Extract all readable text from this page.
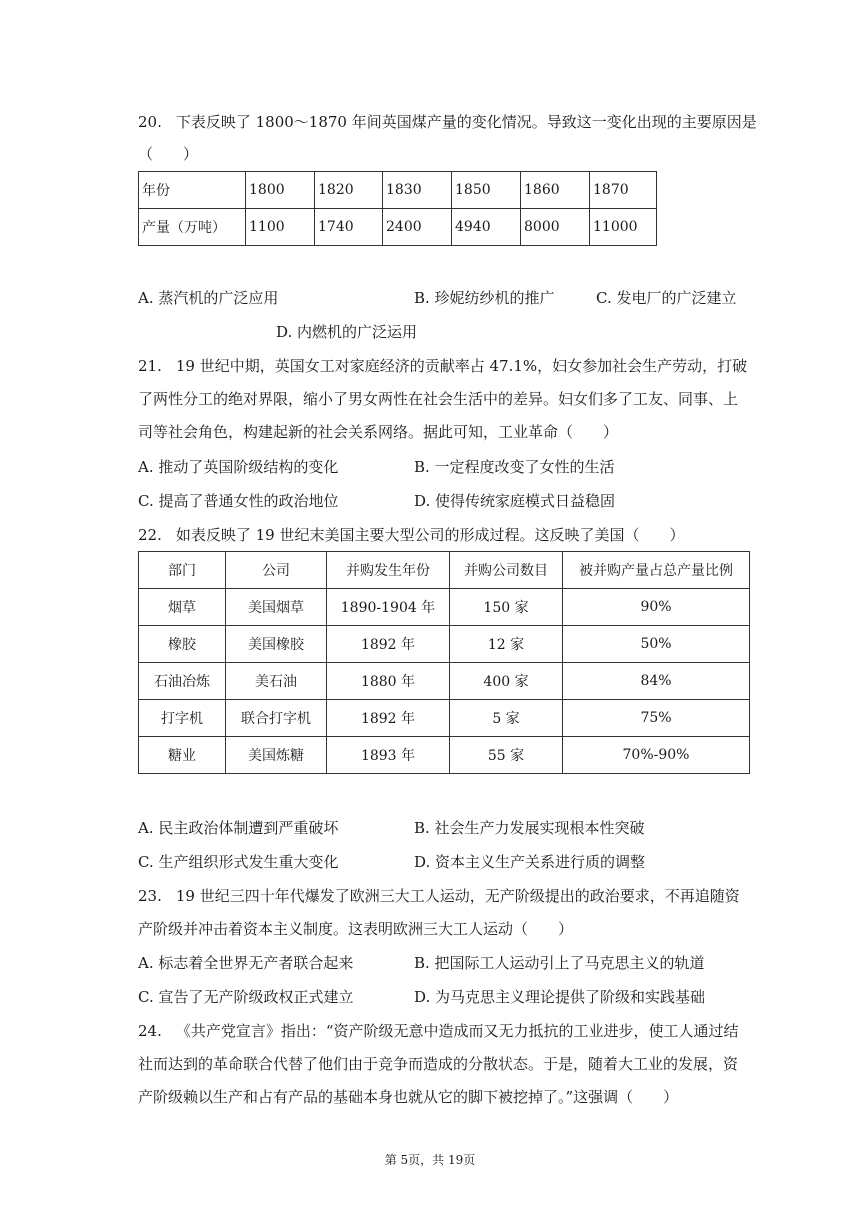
20. 下表反映了 1800～1870 年间英国煤产量的变化情况。导致这一变化出现的主要原因是
（　　）
年份	1800	1820	1830	1850	1860	1870
产量（万吨）	1100	1740	2400	4940	8000	11000
A. 蒸汽机的广泛应用	B. 珍妮纺纱机的推广	C. 发电厂的广泛建立
D. 内燃机的广泛运用
21. 19 世纪中期，英国女工对家庭经济的贡献率占 47.1%，妇女参加社会生产劳动，打破
了两性分工的绝对界限，缩小了男女两性在社会生活中的差异。妇女们多了工友、同事、上
司等社会角色，构建起新的社会关系网络。据此可知，工业革命（　　）
A. 推动了英国阶级结构的变化	B. 一定程度改变了女性的生活
C. 提高了普通女性的政治地位	D. 使得传统家庭模式日益稳固
22. 如表反映了 19 世纪末美国主要大型公司的形成过程。这反映了美国（　　）
部门	公司	并购发生年份	并购公司数目	被并购产量占总产量比例
烟草	美国烟草	1890-1904 年	150 家	90%
橡胶	美国橡胶	1892 年	12 家	50%
石油冶炼	美石油	1880 年	400 家	84%
打字机	联合打字机	1892 年	5 家	75%
糖业	美国炼糖	1893 年	55 家	70%-90%
A. 民主政治体制遭到严重破坏	B. 社会生产力发展实现根本性突破
C. 生产组织形式发生重大变化	D. 资本主义生产关系进行质的调整
23. 19 世纪三四十年代爆发了欧洲三大工人运动，无产阶级提出的政治要求，不再追随资
产阶级并冲击着资本主义制度。这表明欧洲三大工人运动（　　）
A. 标志着全世界无产者联合起来	B. 把国际工人运动引上了马克思主义的轨道
C. 宣告了无产阶级政权正式建立	D. 为马克思主义理论提供了阶级和实践基础
24. 《共产党宣言》指出：“资产阶级无意中造成而又无力抵抗的工业进步，使工人通过结
社而达到的革命联合代替了他们由于竞争而造成的分散状态。于是，随着大工业的发展，资
产阶级赖以生产和占有产品的基础本身也就从它的脚下被挖掉了。”这强调（　　）
第 5页，共 19页
